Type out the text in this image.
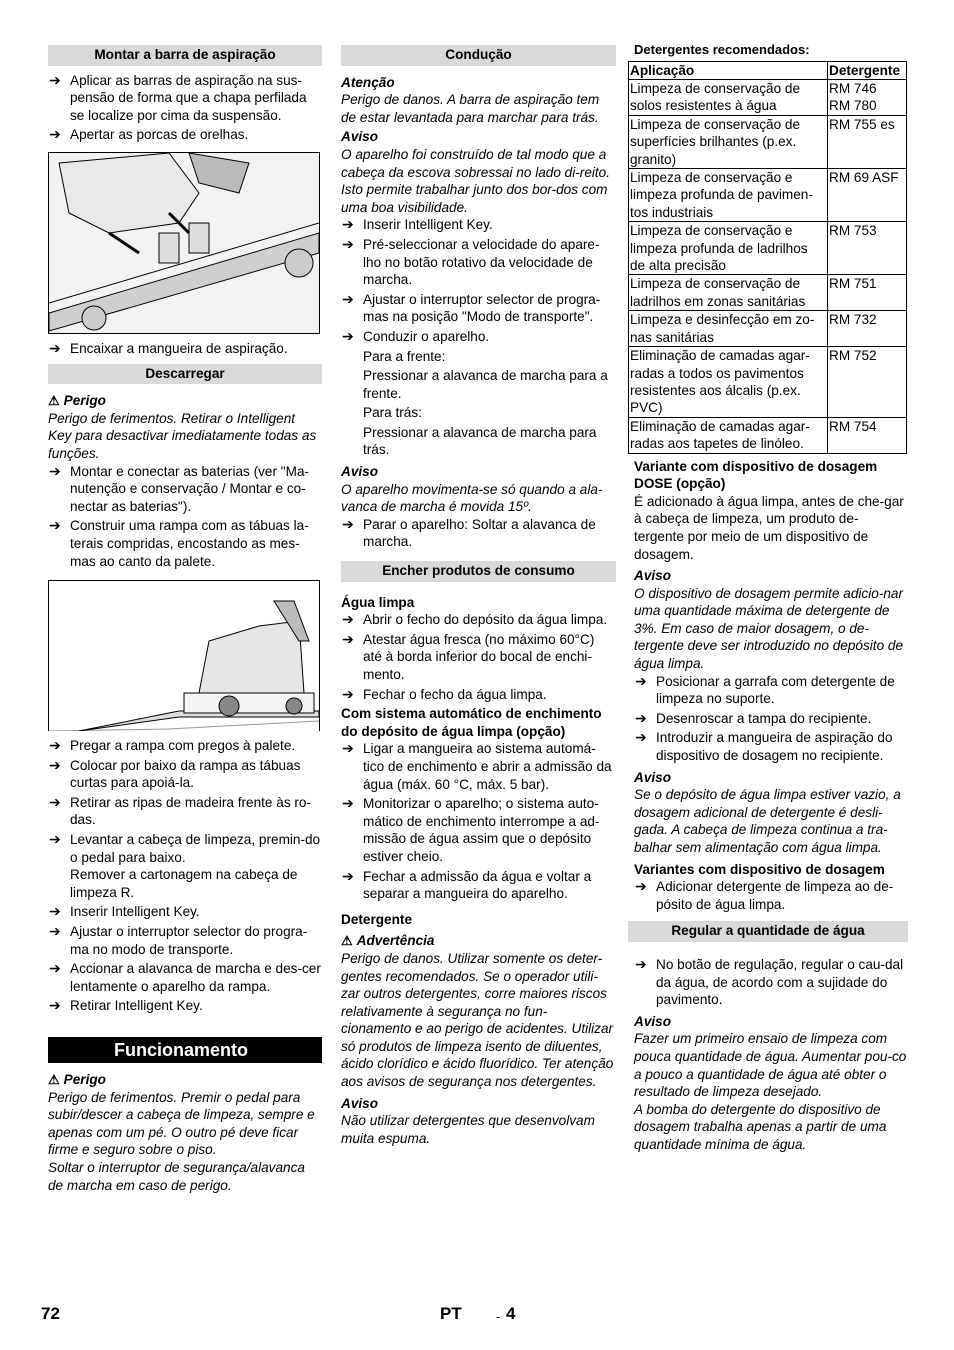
Montar a barra de aspiração
➔ Aplicar as barras de aspiração na sus-pensão de forma que a chapa perfilada se localize por cima da suspensão.
➔ Apertar as porcas de orelhas.
➔ Encaixar a mangueira de aspiração.
Descarregar
⚠ Perigo
Perigo de ferimentos. Retirar o Intelligent Key para desactivar imediatamente todas as funções.
➔ Montar e conectar as baterias (ver "Ma-nutenção e conservação / Montar e co-nectar as baterias").
➔ Construir uma rampa com as tábuas la-terais compridas, encostando as mes-mas ao canto da palete.
➔ Pregar a rampa com pregos à palete.
➔ Colocar por baixo da rampa as tábuas curtas para apoiá-la.
➔ Retirar as ripas de madeira frente às ro-das.
➔ Levantar a cabeça de limpeza, premin-do o pedal para baixo.
Remover a cartonagem na cabeça de limpeza R.
➔ Inserir Intelligent Key.
➔ Ajustar o interruptor selector do progra-ma no modo de transporte.
➔ Accionar a alavanca de marcha e des-cer lentamente o aparelho da rampa.
➔ Retirar Intelligent Key.
Funcionamento
⚠ Perigo
Perigo de ferimentos. Premir o pedal para subir/descer a cabeça de limpeza, sempre e apenas com um pé. O outro pé deve ficar firme e seguro sobre o piso.
Soltar o interruptor de segurança/alavanca de marcha em caso de perigo.
Condução
Atenção
Perigo de danos. A barra de aspiração tem de estar levantada para marchar para trás.
Aviso
O aparelho foi construído de tal modo que a cabeça da escova sobressai no lado di-reito. Isto permite trabalhar junto dos bor-dos com uma boa visibilidade.
➔ Inserir Intelligent Key.
➔ Pré-seleccionar a velocidade do apare-lho no botão rotativo da velocidade de marcha.
➔ Ajustar o interruptor selector de progra-mas na posição "Modo de transporte".
➔ Conduzir o aparelho.
Para a frente:
Pressionar a alavanca de marcha para a frente.
Para trás:
Pressionar a alavanca de marcha para trás.
Aviso
O aparelho movimenta-se só quando a ala-vanca de marcha é movida 15º.
➔ Parar o aparelho: Soltar a alavanca de marcha.
Encher produtos de consumo
Água limpa
➔ Abrir o fecho do depósito da água limpa.
➔ Atestar água fresca (no máximo 60°C) até à borda inferior do bocal de enchi-mento.
➔ Fechar o fecho da água limpa.
Com sistema automático de enchimento do depósito de água limpa (opção)
➔ Ligar a mangueira ao sistema automá-tico de enchimento e abrir a admissão da água (máx. 60 °C, máx. 5 bar).
➔ Monitorizar o aparelho; o sistema auto-mático de enchimento interrompe a ad-missão de água assim que o depósito estiver cheio.
➔ Fechar a admissão da água e voltar a separar a mangueira do aparelho.
Detergente
⚠ Advertência
Perigo de danos. Utilizar somente os deter-gentes recomendados. Se o operador utili-zar outros detergentes, corre maiores riscos relativamente à segurança no fun-cionamento e ao perigo de acidentes. Utilizar só produtos de limpeza isento de diluentes, ácido clorídico e ácido fluorídico. Ter atenção aos avisos de segurança nos detergentes.
Aviso
Não utilizar detergentes que desenvolvam muita espuma.
Detergentes recomendados:
Aplicação	Detergente
Limpeza de conservação de solos resistentes à água	RM 746
RM 780
Limpeza de conservação de superfícies brilhantes (p.ex. granito)	RM 755 es
Limpeza de conservação e limpeza profunda de pavimen-tos industriais	RM 69 ASF
Limpeza de conservação e limpeza profunda de ladrilhos de alta precisão	RM 753
Limpeza de conservação de ladrilhos em zonas sanitárias	RM 751
Limpeza e desinfecção em zo-nas sanitárias	RM 732
Eliminação de camadas agar-radas a todos os pavimentos resistentes aos álcalis (p.ex. PVC)	RM 752
Eliminação de camadas agar-radas aos tapetes de linóleo.	RM 754
Variante com dispositivo de dosagem DOSE (opção)
É adicionado à água limpa, antes de che-gar à cabeça de limpeza, um produto de-tergente por meio de um dispositivo de dosagem.
Aviso
O dispositivo de dosagem permite adicio-nar uma quantidade máxima de detergente de 3%. Em caso de maior dosagem, o de-tergente deve ser introduzido no depósito de água limpa.
➔ Posicionar a garrafa com detergente de limpeza no suporte.
➔ Desenroscar a tampa do recipiente.
➔ Introduzir a mangueira de aspiração do dispositivo de dosagem no recipiente.
Aviso
Se o depósito de água limpa estiver vazio, a dosagem adicional de detergente é desli-gada. A cabeça de limpeza continua a tra-balhar sem alimentação com água limpa.
Variantes com dispositivo de dosagem
➔ Adicionar detergente de limpeza ao de-pósito de água limpa.
Regular a quantidade de água
➔ No botão de regulação, regular o cau-dal da água, de acordo com a sujidade do pavimento.
Aviso
Fazer um primeiro ensaio de limpeza com pouca quantidade de água. Aumentar pou-co a pouco a quantidade de água até obter o resultado de limpeza desejado.
A bomba do detergente do dispositivo de dosagem trabalha apenas a partir de uma quantidade mínima de água.
72	PT	- 4
